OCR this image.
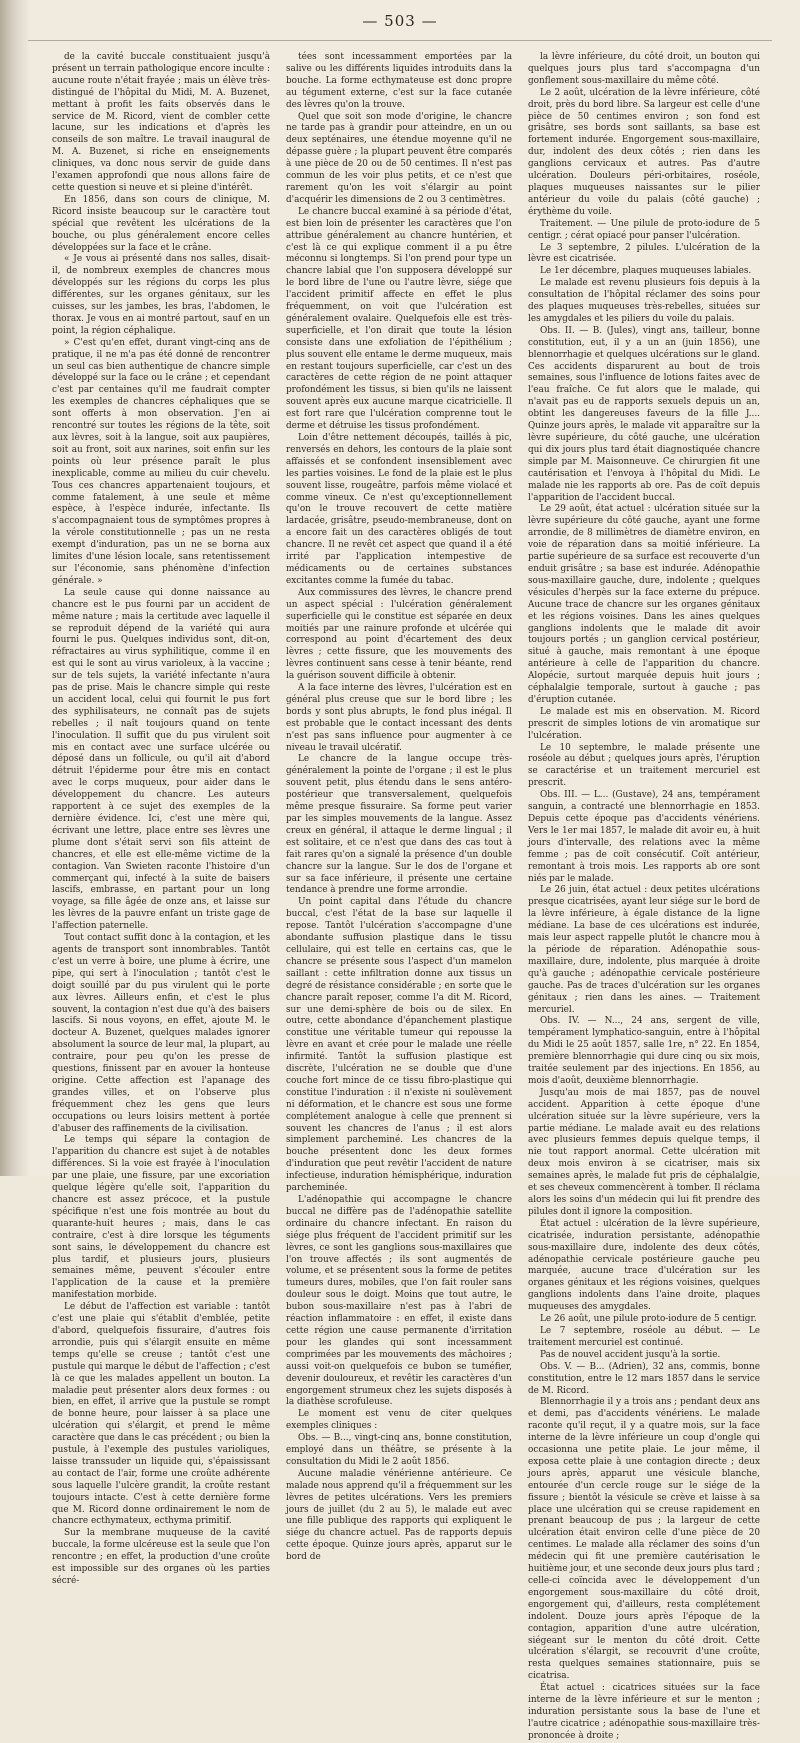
— 503 —

de la cavité buccale constituaient jusqu'à présent un terrain pathologique encore inculte : aucune route n'était frayée ; mais un élève très-distingué de l'hôpital du Midi, M. A. Buzenet, mettant à profit les faits observés dans le service de M. Ricord, vient de combler cette lacune, sur les indications et d'après les conseils de son maître. Le travail inaugural de M. A. Buzenet, si riche en enseignements cliniques, va donc nous servir de guide dans l'examen approfondi que nous allons faire de cette question si neuve et si pleine d'intérêt.

En 1856, dans son cours de clinique, M. Ricord insiste beaucoup sur le caractère tout spécial que revêtent les ulcérations de la bouche, ou plus généralement encore celles développées sur la face et le crâne.

« Je vous ai présenté dans nos salles, disait-il, de nombreux exemples de chancres mous développés sur les régions du corps les plus différentes, sur les organes génitaux, sur les cuisses, sur les jambes, les bras, l'abdomen, le thorax. Je vous en ai montré partout, sauf en un point, la région céphalique.

» C'est qu'en effet, durant vingt-cinq ans de pratique, il ne m'a pas été donné de rencontrer un seul cas bien authentique de chancre simple développé sur la face ou le crâne ; et cependant c'est par centaines qu'il me faudrait compter les exemples de chancres céphaliques que se sont offerts à mon observation. J'en ai rencontré sur toutes les régions de la tête, soit aux lèvres, soit à la langue, soit aux paupières, soit au front, soit aux narines, soit enfin sur les points où leur présence paraît le plus inexplicable, comme au milieu du cuir chevelu. Tous ces chancres appartenaient toujours, et comme fatalement, à une seule et même espèce, à l'espèce indurée, infectante. Ils s'accompagnaient tous de symptômes propres à la vérole constitutionnelle ; pas un ne resta exempt d'induration, pas un ne se borna aux limites d'une lésion locale, sans retentissement sur l'économie, sans phénomène d'infection générale. »

La seule cause qui donne naissance au chancre est le pus fourni par un accident de même nature ; mais la certitude avec laquelle il se reproduit dépend de la variété qui aura fourni le pus. Quelques individus sont, dit-on, réfractaires au virus syphilitique, comme il en est qui le sont au virus varioleux, à la vaccine ; sur de tels sujets, la variété infectante n'aura pas de prise. Mais le chancre simple qui reste un accident local, celui qui fournit le pus fort des syphilisateurs, ne connaît pas de sujets rebelles ; il naît toujours quand on tente l'inoculation. Il suffit que du pus virulent soit mis en contact avec une surface ulcérée ou déposé dans un follicule, ou qu'il ait d'abord détruit l'épiderme pour être mis en contact avec le corps muqueux, pour aider dans le développement du chancre. Les auteurs rapportent à ce sujet des exemples de la dernière évidence. Ici, c'est une mère qui, écrivant une lettre, place entre ses lèvres une plume dont s'était servi son fils atteint de chancres, et elle est elle-même victime de la contagion. Van Swieten raconte l'histoire d'un commerçant qui, infecté à la suite de baisers lascifs, embrasse, en partant pour un long voyage, sa fille âgée de onze ans, et laisse sur les lèvres de la pauvre enfant un triste gage de l'affection paternelle.

Tout contact suffit donc à la contagion, et les agents de transport sont innombrables. Tantôt c'est un verre à boire, une plume à écrire, une pipe, qui sert à l'inoculation ; tantôt c'est le doigt souillé par du pus virulent qui le porte aux lèvres. Ailleurs enfin, et c'est le plus souvent, la contagion n'est due qu'à des baisers lascifs. Si nous voyons, en effet, ajoute M. le docteur A. Buzenet, quelques malades ignorer absolument la source de leur mal, la plupart, au contraire, pour peu qu'on les presse de questions, finissent par en avouer la honteuse origine. Cette affection est l'apanage des grandes villes, et on l'observe plus fréquemment chez les gens que leurs occupations ou leurs loisirs mettent à portée d'abuser des raffinements de la civilisation.

Le temps qui sépare la contagion de l'apparition du chancre est sujet à de notables différences. Si la voie est frayée à l'inoculation par une plaie, une fissure, par une excoriation quelque légère qu'elle soit, l'apparition du chancre est assez précoce, et la pustule spécifique n'est une fois montrée au bout du quarante-huit heures ; mais, dans le cas contraire, c'est à dire lorsque les téguments sont sains, le développement du chancre est plus tardif, et plusieurs jours, plusieurs semaines même, peuvent s'écouler entre l'application de la cause et la première manifestation morbide.

Le début de l'affection est variable : tantôt c'est une plaie qui s'établit d'emblée, petite d'abord, quelquefois fissuraire, d'autres fois arrondie, puis qui s'élargit ensuite en même temps qu'elle se creuse ; tantôt c'est une pustule qui marque le début de l'affection ; c'est là ce que les malades appellent un bouton. La maladie peut présenter alors deux formes : ou bien, en effet, il arrive que la pustule se rompt de bonne heure, pour laisser à sa place une ulcération qui s'élargit, et prend le même caractère que dans le cas précédent ; ou bien la pustule, à l'exemple des pustules varioliques, laisse transsuder un liquide qui, s'épaississant au contact de l'air, forme une croûte adhérente sous laquelle l'ulcère grandit, la croûte restant toujours intacte. C'est à cette dernière forme que M. Ricord donne ordinairement le nom de chancre ecthymateux, ecthyma primitif.

Sur la membrane muqueuse de la cavité buccale, la forme ulcéreuse est la seule que l'on rencontre ; en effet, la production d'une croûte est impossible sur des organes où les parties sécré-

tées sont incessamment emportées par la salive ou les différents liquides introduits dans la bouche. La forme ecthymateuse est donc propre au tégument externe, c'est sur la face cutanée des lèvres qu'on la trouve.

Quel que soit son mode d'origine, le chancre ne tarde pas à grandir pour atteindre, en un ou deux septénaires, une étendue moyenne qu'il ne dépasse guère ; la plupart peuvent être comparés à une pièce de 20 ou de 50 centimes. Il n'est pas commun de les voir plus petits, et ce n'est que rarement qu'on les voit s'élargir au point d'acquérir les dimensions de 2 ou 3 centimètres.

Le chancre buccal examiné à sa période d'état, est bien loin de présenter les caractères que l'on attribue généralement au chancre huntérien, et c'est là ce qui explique comment il a pu être méconnu si longtemps. Si l'on prend pour type un chancre labial que l'on supposera développé sur le bord libre de l'une ou l'autre lèvre, siége que l'accident primitif affecte en effet le plus fréquemment, on voit que l'ulcération est généralement ovalaire. Quelquefois elle est très-superficielle, et l'on dirait que toute la lésion consiste dans une exfoliation de l'épithélium ; plus souvent elle entame le derme muqueux, mais en restant toujours superficielle, car c'est un des caractères de cette région de ne point attaquer profondément les tissus, si bien qu'ils ne laissent souvent après eux aucune marque cicatricielle. Il est fort rare que l'ulcération comprenne tout le derme et détruise les tissus profondément.

Loin d'être nettement découpés, taillés à pic, renversés en dehors, les contours de la plaie sont affaissés et se confondent insensiblement avec les parties voisines. Le fond de la plaie est le plus souvent lisse, rougeâtre, parfois même violacé et comme vineux. Ce n'est qu'exceptionnellement qu'on le trouve recouvert de cette matière lardacée, grisâtre, pseudo-membraneuse, dont on a encore fait un des caractères obligés de tout chancre. Il ne revêt cet aspect que quand il a été irrité par l'application intempestive de médicaments ou de certaines substances excitantes comme la fumée du tabac.

Aux commissures des lèvres, le chancre prend un aspect spécial : l'ulcération généralement superficielle qui le constitue est séparée en deux moitiés par une rainure profonde et ulcérée qui correspond au point d'écartement des deux lèvres ; cette fissure, que les mouvements des lèvres continuent sans cesse à tenir béante, rend la guérison souvent difficile à obtenir.

A la face interne des lèvres, l'ulcération est en général plus creuse que sur le bord libre ; les bords y sont plus abrupts, le fond plus inégal. Il est probable que le contact incessant des dents n'est pas sans influence pour augmenter à ce niveau le travail ulcératif.

Le chancre de la langue occupe très-généralement la pointe de l'organe ; il est le plus souvent petit, plus étendu dans le sens antéro-postérieur que transversalement, quelquefois même presque fissuraire. Sa forme peut varier par les simples mouvements de la langue. Assez creux en général, il attaque le derme lingual ; il est solitaire, et ce n'est que dans des cas tout à fait rares qu'on a signalé la présence d'un double chancre sur la langue. Sur le dos de l'organe et sur sa face inférieure, il présente une certaine tendance à prendre une forme arrondie.

Un point capital dans l'étude du chancre buccal, c'est l'état de la base sur laquelle il repose. Tantôt l'ulcération s'accompagne d'une abondante suffusion plastique dans le tissu cellulaire, qui est telle en certains cas, que le chancre se présente sous l'aspect d'un mamelon saillant : cette infiltration donne aux tissus un degré de résistance considérable ; en sorte que le chancre paraît reposer, comme l'a dit M. Ricord, sur une demi-sphère de bois ou de silex. En outre, cette abondance d'épanchement plastique constitue une véritable tumeur qui repousse la lèvre en avant et crée pour le malade une réelle infirmité. Tantôt la suffusion plastique est discrète, l'ulcération ne se double que d'une couche fort mince de ce tissu fibro-plastique qui constitue l'induration : il n'existe ni soulèvement ni déformation, et le chancre est sous une forme complétement analogue à celle que prennent si souvent les chancres de l'anus ; il est alors simplement parcheminé. Les chancres de la bouche présentent donc les deux formes d'induration que peut revêtir l'accident de nature infectieuse, induration hémisphérique, induration parcheminée.

L'adénopathie qui accompagne le chancre buccal ne diffère pas de l'adénopathie satellite ordinaire du chancre infectant. En raison du siége plus fréquent de l'accident primitif sur les lèvres, ce sont les ganglions sous-maxillaires que l'on trouve affectés ; ils sont augmentés de volume, et se présentent sous la forme de petites tumeurs dures, mobiles, que l'on fait rouler sans douleur sous le doigt. Moins que tout autre, le bubon sous-maxillaire n'est pas à l'abri de réaction inflammatoire : en effet, il existe dans cette région une cause permanente d'irritation pour les glandes qui sont incessamment comprimées par les mouvements des mâchoires ; aussi voit-on quelquefois ce bubon se tuméfier, devenir douloureux, et revêtir les caractères d'un engorgement strumeux chez les sujets disposés à la diathèse scrofuleuse.

Le moment est venu de citer quelques exemples cliniques :

Obs. — B..., vingt-cinq ans, bonne constitution, employé dans un théâtre, se présente à la consultation du Midi le 2 août 1856.

Aucune maladie vénérienne antérieure. Ce malade nous apprend qu'il a fréquemment sur les lèvres de petites ulcérations. Vers les premiers jours de juillet (du 2 au 5), le malade eut avec une fille publique des rapports qui expliquent le siége du chancre actuel. Pas de rapports depuis cette époque. Quinze jours après, apparut sur le bord de

la lèvre inférieure, du côté droit, un bouton qui quelques jours plus tard s'accompagna d'un gonflement sous-maxillaire du même côté.

Le 2 août, ulcération de la lèvre inférieure, côté droit, près du bord libre. Sa largeur est celle d'une pièce de 50 centimes environ ; son fond est grisâtre, ses bords sont saillants, sa base est fortement indurée. Engorgement sous-maxillaire, dur, indolent des deux côtés ; rien dans les ganglions cervicaux et autres. Pas d'autre ulcération. Douleurs péri-orbitaires, roséole, plaques muqueuses naissantes sur le pilier antérieur du voile du palais (côté gauche) ; érythème du voile.

Traitement. — Une pilule de proto-iodure de 5 centigr. ; cérat opiacé pour panser l'ulcération.

Le 3 septembre, 2 pilules. L'ulcération de la lèvre est cicatrisée.

Le 1er décembre, plaques muqueuses labiales.

Le malade est revenu plusieurs fois depuis à la consultation de l'hôpital réclamer des soins pour des plaques muqueuses très-rebelles, situées sur les amygdales et les piliers du voile du palais.

Obs. II. — B. (Jules), vingt ans, tailleur, bonne constitution, eut, il y a un an (juin 1856), une blennorrhagie et quelques ulcérations sur le gland. Ces accidents disparurent au bout de trois semaines, sous l'influence de lotions faites avec de l'eau fraîche. Ce fut alors que le malade, qui n'avait pas eu de rapports sexuels depuis un an, obtint les dangereuses faveurs de la fille J.... Quinze jours après, le malade vit apparaître sur la lèvre supérieure, du côté gauche, une ulcération qui dix jours plus tard était diagnostiquée chancre simple par M. Maisonneuve. Ce chirurgien fit une cautérisation et l'envoya à l'hôpital du Midi. Le malade nie les rapports ab ore. Pas de coït depuis l'apparition de l'accident buccal.

Le 29 août, état actuel : ulcération située sur la lèvre supérieure du côté gauche, ayant une forme arrondie, de 8 millimètres de diamètre environ, en voie de réparation dans sa moitié inférieure. La partie supérieure de sa surface est recouverte d'un enduit grisâtre ; sa base est indurée. Adénopathie sous-maxillaire gauche, dure, indolente ; quelques vésicules d'herpès sur la face externe du prépuce. Aucune trace de chancre sur les organes génitaux et les régions voisines. Dans les aines quelques ganglions indolents que le malade dit avoir toujours portés ; un ganglion cervical postérieur, situé à gauche, mais remontant à une époque antérieure à celle de l'apparition du chancre. Alopécie, surtout marquée depuis huit jours ; céphalalgie temporale, surtout à gauche ; pas d'éruption cutanée.

Le malade est mis en observation. M. Ricord prescrit de simples lotions de vin aromatique sur l'ulcération.

Le 10 septembre, le malade présente une roséole au début ; quelques jours après, l'éruption se caractérise et un traitement mercuriel est prescrit.

Obs. III. — L... (Gustave), 24 ans, tempérament sanguin, a contracté une blennorrhagie en 1853. Depuis cette époque pas d'accidents vénériens. Vers le 1er mai 1857, le malade dit avoir eu, à huit jours d'intervalle, des relations avec la même femme ; pas de coït consécutif. Coït antérieur, remontant à trois mois. Les rapports ab ore sont niés par le malade.

Le 26 juin, état actuel : deux petites ulcérations presque cicatrisées, ayant leur siége sur le bord de la lèvre inférieure, à égale distance de la ligne médiane. La base de ces ulcérations est indurée, mais leur aspect rappelle plutôt le chancre mou à la période de réparation. Adénopathie sous-maxillaire, dure, indolente, plus marquée à droite qu'à gauche ; adénopathie cervicale postérieure gauche. Pas de traces d'ulcération sur les organes génitaux ; rien dans les aines. — Traitement mercuriel.

Obs. IV. — N..., 24 ans, sergent de ville, tempérament lymphatico-sanguin, entre à l'hôpital du Midi le 25 août 1857, salle 1re, n° 22. En 1854, première blennorrhagie qui dure cinq ou six mois, traitée seulement par des injections. En 1856, au mois d'août, deuxième blennorrhagie.

Jusqu'au mois de mai 1857, pas de nouvel accident. Apparition à cette époque d'une ulcération située sur la lèvre supérieure, vers la partie médiane. Le malade avait eu des relations avec plusieurs femmes depuis quelque temps, il nie tout rapport anormal. Cette ulcération mit deux mois environ à se cicatriser, mais six semaines après, le malade fut pris de céphalalgie, et ses cheveux commencèrent à tomber. Il réclama alors les soins d'un médecin qui lui fit prendre des pilules dont il ignore la composition.

État actuel : ulcération de la lèvre supérieure, cicatrisée, induration persistante, adénopathie sous-maxillaire dure, indolente des deux côtés, adénopathie cervicale postérieure gauche peu marquée, aucune trace d'ulcération sur les organes génitaux et les régions voisines, quelques ganglions indolents dans l'aine droite, plaques muqueuses des amygdales.

Le 26 août, une pilule proto-iodure de 5 centigr.

Le 7 septembre, roséole au début. — Le traitement mercuriel est continué.

Pas de nouvel accident jusqu'à la sortie.

Obs. V. — B... (Adrien), 32 ans, commis, bonne constitution, entre le 12 mars 1857 dans le service de M. Ricord.

Blennorrhagie il y a trois ans ; pendant deux ans et demi, pas d'accidents vénériens. Le malade raconte qu'il reçut, il y a quatre mois, sur la face interne de la lèvre inférieure un coup d'ongle qui occasionna une petite plaie. Le jour même, il exposa cette plaie à une contagion directe ; deux jours après, apparut une vésicule blanche, entourée d'un cercle rouge sur le siége de la fissure ; bientôt la vésicule se crève et laisse à sa place une ulcération qui se creuse rapidement en prenant beaucoup de pus ; la largeur de cette ulcération était environ celle d'une pièce de 20 centimes. Le malade alla réclamer des soins d'un médecin qui fit une première cautérisation le huitième jour, et une seconde deux jours plus tard ; celle-ci coïncida avec le développement d'un engorgement sous-maxillaire du côté droit, engorgement qui, d'ailleurs, resta complétement indolent. Douze jours après l'époque de la contagion, apparition d'une autre ulcération, siégeant sur le menton du côté droit. Cette ulcération s'élargit, se recouvrit d'une croûte, resta quelques semaines stationnaire, puis se cicatrisa.

État actuel : cicatrices situées sur la face interne de la lèvre inférieure et sur le menton ; induration persistante sous la base de l'une et l'autre cicatrice ; adénopathie sous-maxillaire très-prononcée à droite ;
